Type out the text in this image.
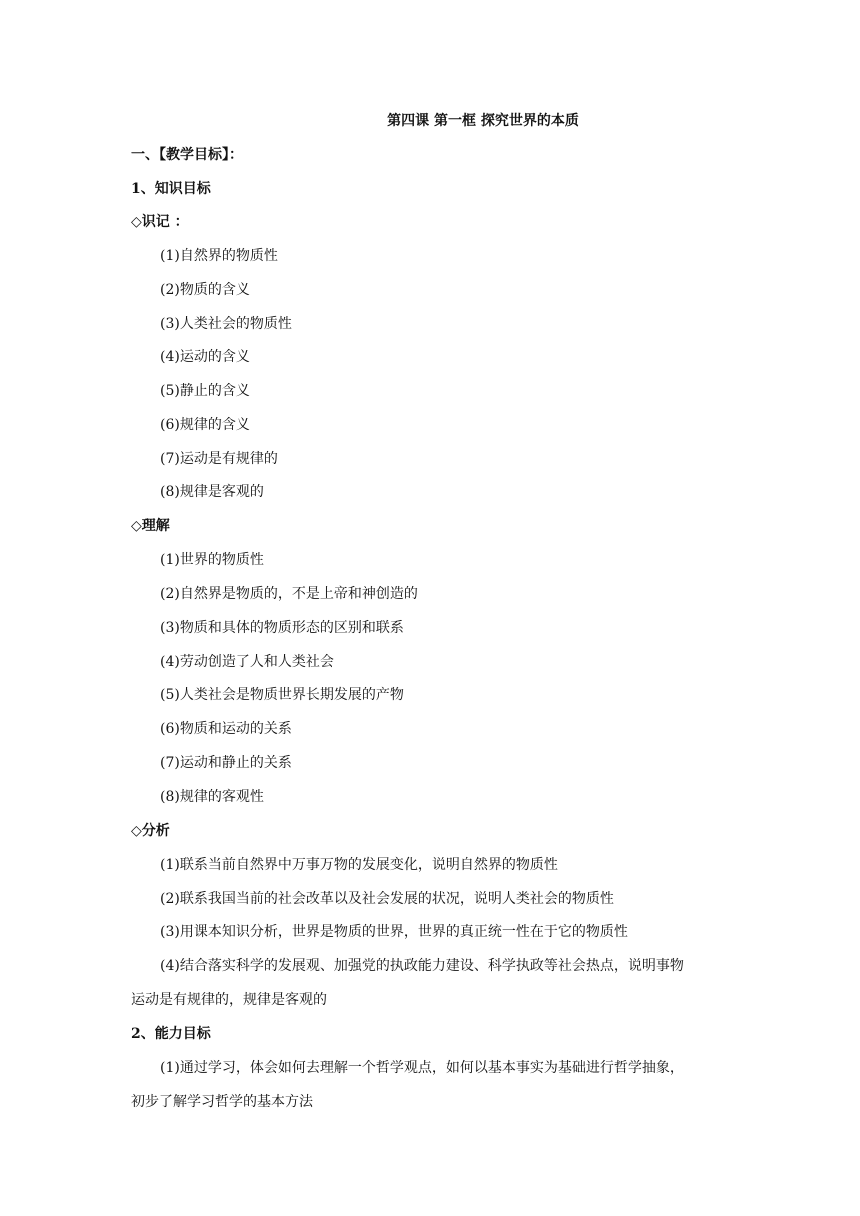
第四课 第一框 探究世界的本质
一、【教学目标】：
1、知识目标
◇识记 ：
(1)自然界的物质性
(2)物质的含义
(3)人类社会的物质性
(4)运动的含义
(5)静止的含义
(6)规律的含义
(7)运动是有规律的
(8)规律是客观的
◇理解
(1)世界的物质性
(2)自然界是物质的，不是上帝和神创造的
(3)物质和具体的物质形态的区别和联系
(4)劳动创造了人和人类社会
(5)人类社会是物质世界长期发展的产物
(6)物质和运动的关系
(7)运动和静止的关系
(8)规律的客观性
◇分析
(1)联系当前自然界中万事万物的发展变化，说明自然界的物质性
(2)联系我国当前的社会改革以及社会发展的状况，说明人类社会的物质性
(3)用课本知识分析，世界是物质的世界，世界的真正统一性在于它的物质性
(4)结合落实科学的发展观、加强党的执政能力建设、科学执政等社会热点，说明事物
运动是有规律的，规律是客观的
2、能力目标
(1)通过学习，体会如何去理解一个哲学观点，如何以基本事实为基础进行哲学抽象，
初步了解学习哲学的基本方法
